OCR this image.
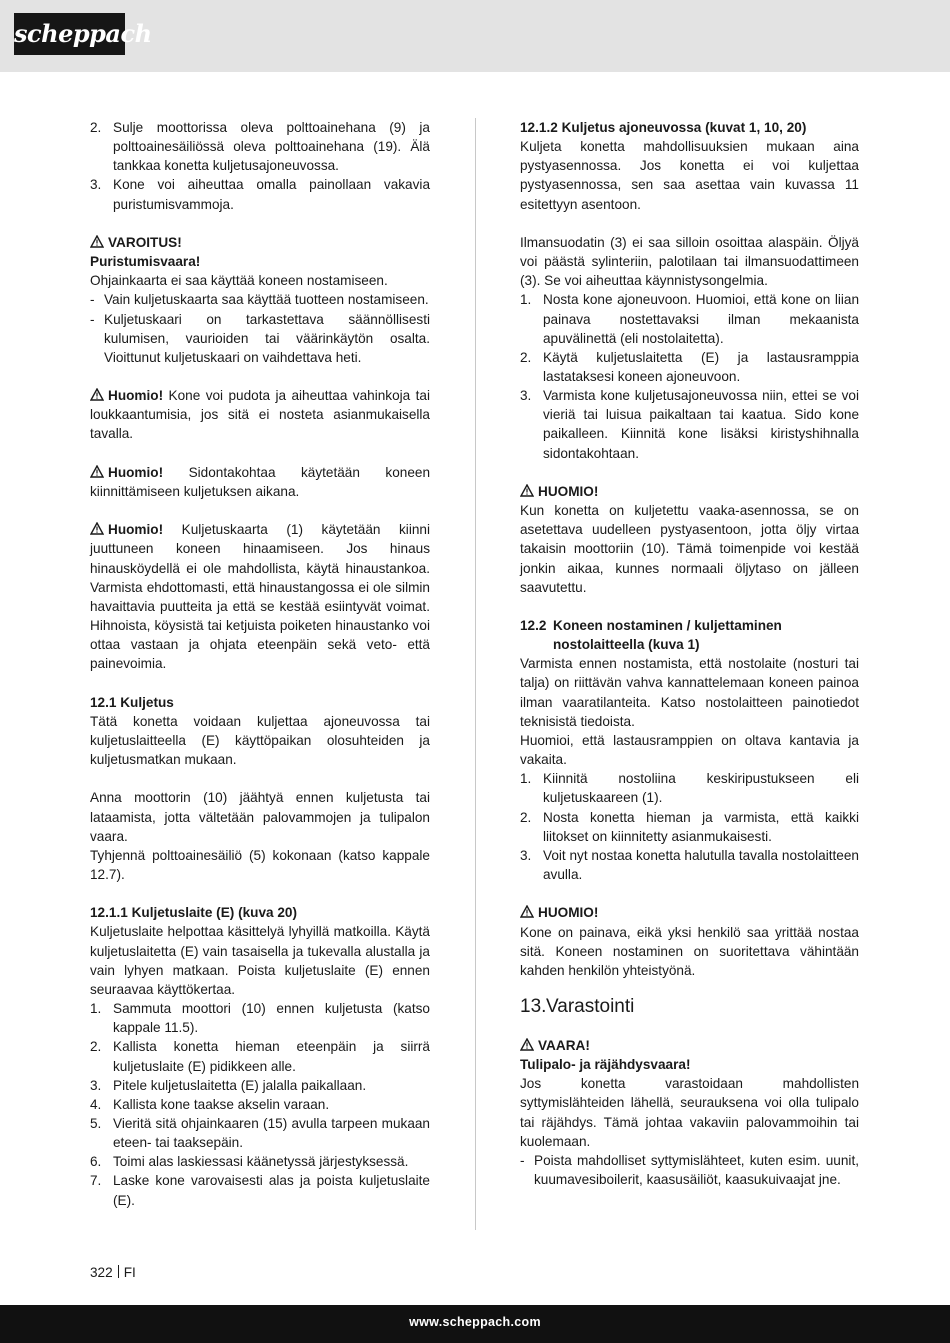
scheppach
2. Sulje moottorissa oleva polttoainehana (9) ja polttoainesäiliössä oleva polttoainehana (19). Älä tankkaa konetta kuljetusajoneuvossa.
3. Kone voi aiheuttaa omalla painollaan vakavia puristumisvammoja.
VAROITUS!
Puristumisvaara!
Ohjainkaarta ei saa käyttää koneen nostamiseen.
- Vain kuljetuskaarta saa käyttää tuotteen nostamiseen.
- Kuljetuskaari on tarkastettava säännöllisesti kulumisen, vaurioiden tai väärinkäytön osalta. Vioittunut kuljetuskaari on vaihdettava heti.
Huomio! Kone voi pudota ja aiheuttaa vahinkoja tai loukkaantumisia, jos sitä ei nosteta asianmukaisella tavalla.
Huomio! Sidontakohtaa käytetään koneen kiinnittämiseen kuljetuksen aikana.
Huomio! Kuljetuskaarta (1) käytetään kiinni juuttuneen koneen hinaamiseen. Jos hinaus hinausköydellä ei ole mahdollista, käytä hinaustankoa. Varmista ehdottomasti, että hinaustangossa ei ole silmin havaittavia puutteita ja että se kestää esiintyvät voimat. Hihnoista, köysistä tai ketjuista poiketen hinaustanko voi ottaa vastaan ja ohjata eteenpäin sekä veto- että painevoimia.
12.1 Kuljetus
Tätä konetta voidaan kuljettaa ajoneuvossa tai kuljetuslaitteella (E) käyttöpaikan olosuhteiden ja kuljetusmatkan mukaan.
Anna moottorin (10) jäähtyä ennen kuljetusta tai lataamista, jotta vältetään palovammojen ja tulipalon vaara.
Tyhjennä polttoainesäiliö (5) kokonaan (katso kappale 12.7).
12.1.1 Kuljetuslaite (E) (kuva 20)
Kuljetuslaite helpottaa käsittelyä lyhyillä matkoilla. Käytä kuljetuslaitetta (E) vain tasaisella ja tukevalla alustalla ja vain lyhyen matkaan. Poista kuljetuslaite (E) ennen seuraavaa käyttökertaa.
1. Sammuta moottori (10) ennen kuljetusta (katso kappale 11.5).
2. Kallista konetta hieman eteenpäin ja siirrä kuljetuslaite (E) pidikkeen alle.
3. Pitele kuljetuslaitetta (E) jalalla paikallaan.
4. Kallista kone taakse akselin varaan.
5. Vieritä sitä ohjainkaaren (15) avulla tarpeen mukaan eteen- tai taaksepäin.
6. Toimi alas laskiessasi käänetyssä järjestyksessä.
7. Laske kone varovaisesti alas ja poista kuljetuslaite (E).
12.1.2 Kuljetus ajoneuvossa (kuvat 1, 10, 20)
Kuljeta konetta mahdollisuuksien mukaan aina pystyasennossa. Jos konetta ei voi kuljettaa pystyasennossa, sen saa asettaa vain kuvassa 11 esitettyyn asentoon.
Ilmansuodatin (3) ei saa silloin osoittaa alaspäin. Öljyä voi päästä sylinteriin, palotilaan tai ilmansuodattimeen (3). Se voi aiheuttaa käynnistysongelmia.
1. Nosta kone ajoneuvoon. Huomioi, että kone on liian painava nostettavaksi ilman mekaanista apuvälinettä (eli nostolaitetta).
2. Käytä kuljetuslaitetta (E) ja lastausramppia lastataksesi koneen ajoneuvoon.
3. Varmista kone kuljetusajoneuvossa niin, ettei se voi vieriä tai luisua paikaltaan tai kaatua. Sido kone paikalleen. Kiinnitä kone lisäksi kiristyshihnalla sidontakohtaan.
HUOMIO!
Kun konetta on kuljetettu vaaka-asennossa, se on asetettava uudelleen pystyasentoon, jotta öljy virtaa takaisin moottoriin (10). Tämä toimenpide voi kestää jonkin aikaa, kunnes normaali öljytaso on jälleen saavutettu.
12.2 Koneen nostaminen / kuljettaminen nostolaitteella (kuva 1)
Varmista ennen nostamista, että nostolaite (nosturi tai talja) on riittävän vahva kannattelemaan koneen painoa ilman vaaratilanteita. Katso nostolaitteen painotiedot teknisistä tiedoista.
Huomioi, että lastausramppien on oltava kantavia ja vakaita.
1. Kiinnitä nostoliina keskiripustukseen eli kuljetuskaareen (1).
2. Nosta konetta hieman ja varmista, että kaikki liitokset on kiinnitetty asianmukaisesti.
3. Voit nyt nostaa konetta halutulla tavalla nostolaitteen avulla.
HUOMIO!
Kone on painava, eikä yksi henkilö saa yrittää nostaa sitä. Koneen nostaminen on suoritettava vähintään kahden henkilön yhteistyönä.
13.Varastointi
VAARA!
Tulipalo- ja räjähdysvaara!
Jos konetta varastoidaan mahdollisten syttymislähteiden lähellä, seurauksena voi olla tulipalo tai räjähdys. Tämä johtaa vakaviin palovammoihin tai kuolemaan.
- Poista mahdolliset syttymislähteet, kuten esim. uunit, kuumavesiboilerit, kaasusäiliöt, kaasukuivaajat jne.
322 FI
www.scheppach.com
